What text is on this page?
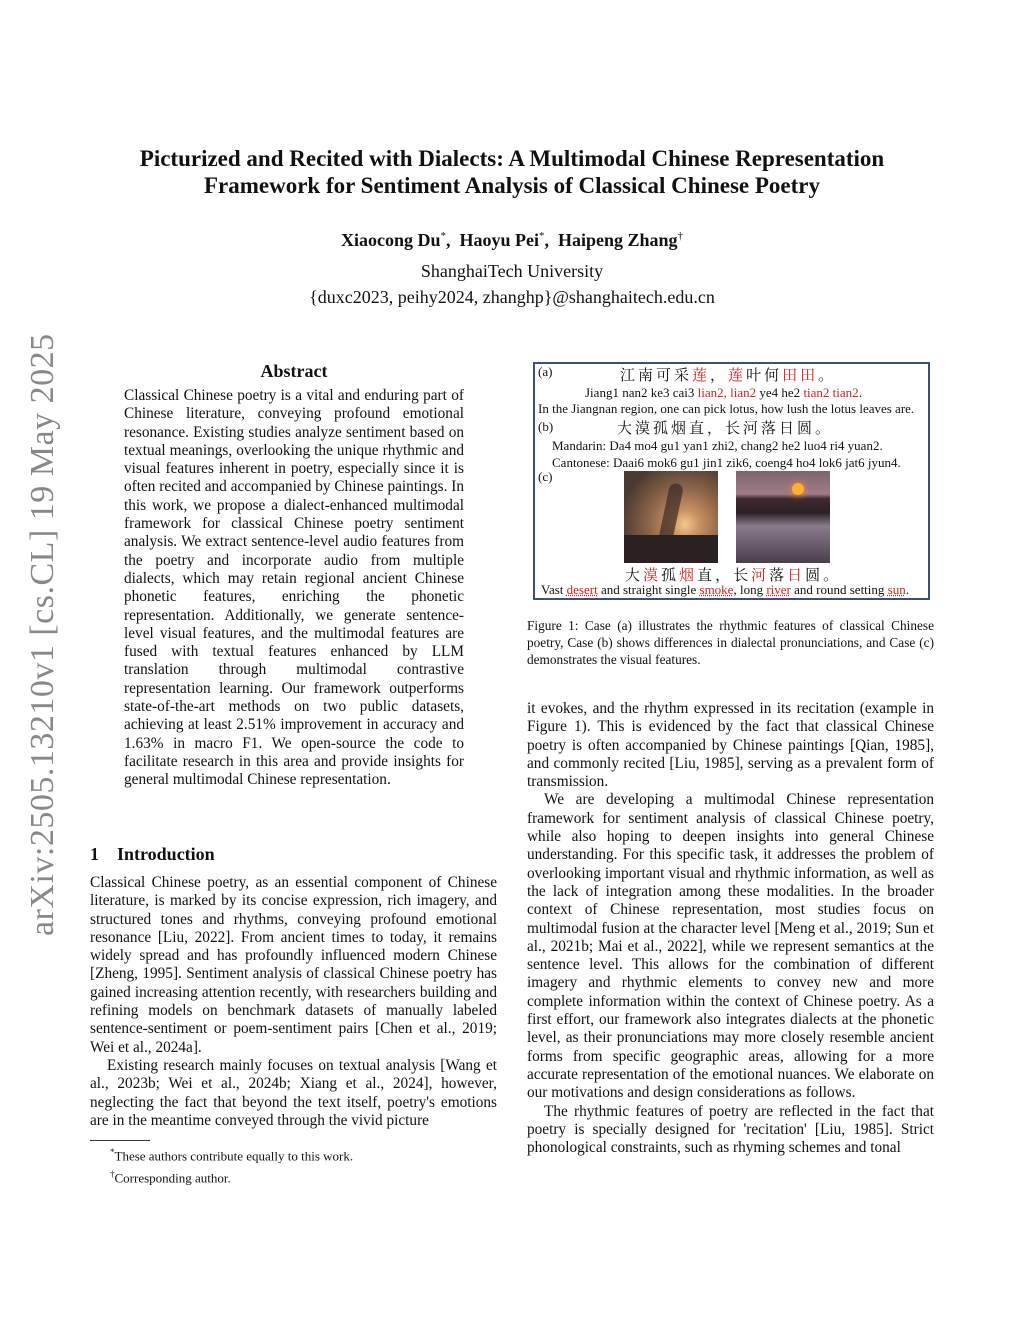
arXiv:2505.13210v1 [cs.CL] 19 May 2025
Picturized and Recited with Dialects: A Multimodal Chinese Representation Framework for Sentiment Analysis of Classical Chinese Poetry
Xiaocong Du*,  Haoyu Pei*,  Haipeng Zhang†
ShanghaiTech University
{duxc2023, peihy2024, zhanghp}@shanghaitech.edu.cn
Abstract
Classical Chinese poetry is a vital and enduring part of Chinese literature, conveying profound emotional resonance. Existing studies analyze sentiment based on textual meanings, overlooking the unique rhythmic and visual features inherent in poetry, especially since it is often recited and accompanied by Chinese paintings. In this work, we propose a dialect-enhanced multimodal framework for classical Chinese poetry sentiment analysis. We extract sentence-level audio features from the poetry and incorporate audio from multiple dialects, which may retain regional ancient Chinese phonetic features, enriching the phonetic representation. Additionally, we generate sentence-level visual features, and the multimodal features are fused with textual features enhanced by LLM translation through multimodal contrastive representation learning. Our framework outperforms state-of-the-art methods on two public datasets, achieving at least 2.51% improvement in accuracy and 1.63% in macro F1. We open-source the code to facilitate research in this area and provide insights for general multimodal Chinese representation.
1 Introduction

Classical Chinese poetry, as an essential component of Chinese literature, is marked by its concise expression, rich imagery, and structured tones and rhythms, conveying profound emotional resonance [Liu, 2022]. From ancient times to today, it remains widely spread and has profoundly influenced modern Chinese [Zheng, 1995]. Sentiment analysis of classical Chinese poetry has gained increasing attention recently, with researchers building and refining models on benchmark datasets of manually labeled sentence-sentiment or poem-sentiment pairs [Chen et al., 2019; Wei et al., 2024a].

Existing research mainly focuses on textual analysis [Wang et al., 2023b; Wei et al., 2024b; Xiang et al., 2024], however, neglecting the fact that beyond the text itself, poetry's emotions are in the meantime conveyed through the vivid picture

*These authors contribute equally to this work.
†Corresponding author.
(a)	江南可采莲，莲叶何田田。
Jiang1 nan2 ke3 cai3 lian2, lian2 ye4 he2 tian2 tian2.
In the Jiangnan region, one can pick lotus, how lush the lotus leaves are.
(b)	大漠孤烟直，长河落日圆。
Mandarin: Da4 mo4 gu1 yan1 zhi2, chang2 he2 luo4 ri4 yuan2.
Cantonese: Daai6 mok6 gu1 jin1 zik6, coeng4 ho4 lok6 jat6 jyun4.
(c)
大漠孤烟直，长河落日圆。
Vast desert and straight single smoke, long river and round setting sun.
Figure 1: Case (a) illustrates the rhythmic features of classical Chinese poetry, Case (b) shows differences in dialectal pronunciations, and Case (c) demonstrates the visual features.

it evokes, and the rhythm expressed in its recitation (example in Figure 1). This is evidenced by the fact that classical Chinese poetry is often accompanied by Chinese paintings [Qian, 1985], and commonly recited [Liu, 1985], serving as a prevalent form of transmission.

We are developing a multimodal Chinese representation framework for sentiment analysis of classical Chinese poetry, while also hoping to deepen insights into general Chinese understanding. For this specific task, it addresses the problem of overlooking important visual and rhythmic information, as well as the lack of integration among these modalities. In the broader context of Chinese representation, most studies focus on multimodal fusion at the character level [Meng et al., 2019; Sun et al., 2021b; Mai et al., 2022], while we represent semantics at the sentence level. This allows for the combination of different imagery and rhythmic elements to convey new and more complete information within the context of Chinese poetry. As a first effort, our framework also integrates dialects at the phonetic level, as their pronunciations may more closely resemble ancient forms from specific geographic areas, allowing for a more accurate representation of the emotional nuances. We elaborate on our motivations and design considerations as follows.

The rhythmic features of poetry are reflected in the fact that poetry is specially designed for 'recitation' [Liu, 1985]. Strict phonological constraints, such as rhyming schemes and tonal
